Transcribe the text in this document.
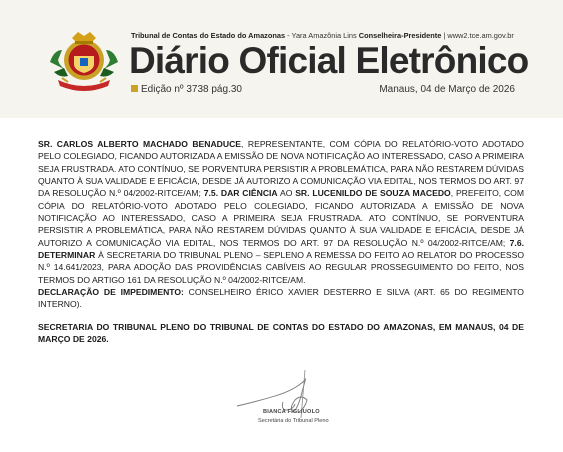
Tribunal de Contas do Estado do Amazonas - Yara Amazônia Lins Conselheira-Presidente | www2.tce.am.gov.br
Diário Oficial Eletrônico
Edição nº 3738 pág.30	Manaus, 04 de Março de 2026

SR. CARLOS ALBERTO MACHADO BENADUCE, REPRESENTANTE, COM CÓPIA DO RELATÓRIO-VOTO ADOTADO PELO COLEGIADO, FICANDO AUTORIZADA A EMISSÃO DE NOVA NOTIFICAÇÃO AO INTERESSADO, CASO A PRIMEIRA SEJA FRUSTRADA. ATO CONTÍNUO, SE PORVENTURA PERSISTIR A PROBLEMÁTICA, PARA NÃO RESTAREM DÚVIDAS QUANTO À SUA VALIDADE E EFICÁCIA, DESDE JÁ AUTORIZO A COMUNICAÇÃO VIA EDITAL, NOS TERMOS DO ART. 97 DA RESOLUÇÃO N.º 04/2002-RITCE/AM; 7.5. DAR CIÊNCIA AO SR. LUCENILDO DE SOUZA MACEDO, PREFEITO, COM CÓPIA DO RELATÓRIO-VOTO ADOTADO PELO COLEGIADO, FICANDO AUTORIZADA A EMISSÃO DE NOVA NOTIFICAÇÃO AO INTERESSADO, CASO A PRIMEIRA SEJA FRUSTRADA. ATO CONTÍNUO, SE PORVENTURA PERSISTIR A PROBLEMÁTICA, PARA NÃO RESTAREM DÚVIDAS QUANTO À SUA VALIDADE E EFICÁCIA, DESDE JÁ AUTORIZO A COMUNICAÇÃO VIA EDITAL, NOS TERMOS DO ART. 97 DA RESOLUÇÃO N.º 04/2002-RITCE/AM; 7.6. DETERMINAR À SECRETARIA DO TRIBUNAL PLENO – SEPLENO A REMESSA DO FEITO AO RELATOR DO PROCESSO N.º 14.641/2023, PARA ADOÇÃO DAS PROVIDÊNCIAS CABÍVEIS AO REGULAR PROSSEGUIMENTO DO FEITO, NOS TERMOS DO ARTIGO 161 DA RESOLUÇÃO N.º 04/2002-RITCE/AM.

DECLARAÇÃO DE IMPEDIMENTO: CONSELHEIRO ÉRICO XAVIER DESTERRO E SILVA (ART. 65 DO REGIMENTO INTERNO).

SECRETARIA DO TRIBUNAL PLENO DO TRIBUNAL DE CONTAS DO ESTADO DO AMAZONAS, EM MANAUS, 04 DE MARÇO DE 2026.

BIANCA FIGLIUOLO
Secretária do Tribunal Pleno
